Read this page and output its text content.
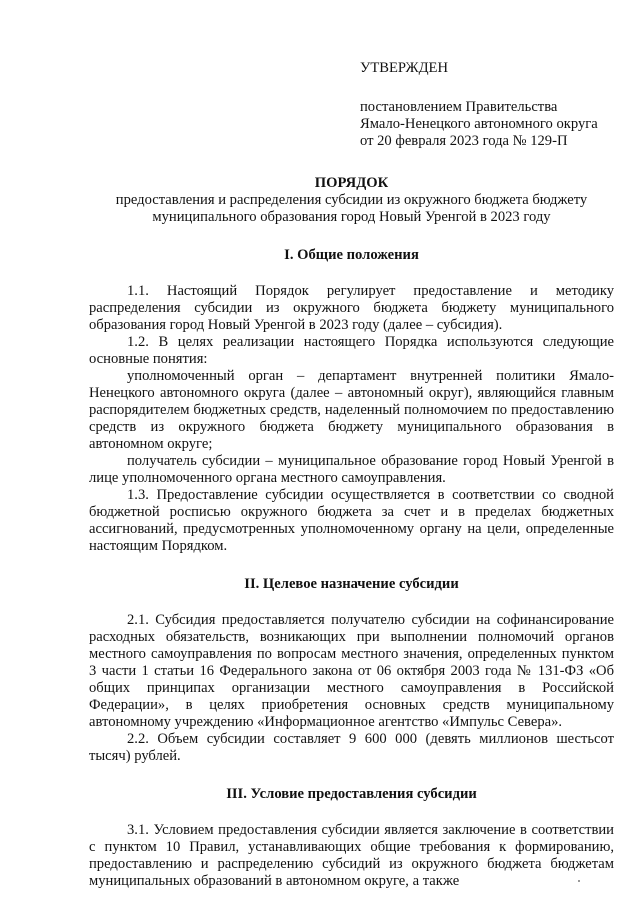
УТВЕРЖДЕН
постановлением Правительства
Ямало-Ненецкого автономного округа
от 20 февраля 2023 года № 129-П
ПОРЯДОК
предоставления и распределения субсидии из окружного бюджета бюджету муниципального образования город Новый Уренгой в 2023 году
I. Общие положения

1.1. Настоящий Порядок регулирует предоставление и методику распределения субсидии из окружного бюджета бюджету муниципального образования город Новый Уренгой в 2023 году (далее – субсидия).

1.2. В целях реализации настоящего Порядка используются следующие основные понятия:

уполномоченный орган – департамент внутренней политики Ямало-Ненецкого автономного округа (далее – автономный округ), являющийся главным распорядителем бюджетных средств, наделенный полномочием по предоставлению средств из окружного бюджета бюджету муниципального образования в автономном округе;

получатель субсидии – муниципальное образование город Новый Уренгой в лице уполномоченного органа местного самоуправления.

1.3. Предоставление субсидии осуществляется в соответствии со сводной бюджетной росписью окружного бюджета за счет и в пределах бюджетных ассигнований, предусмотренных уполномоченному органу на цели, определенные настоящим Порядком.

II. Целевое назначение субсидии

2.1. Субсидия предоставляется получателю субсидии на софинансирование расходных обязательств, возникающих при выполнении полномочий органов местного самоуправления по вопросам местного значения, определенных пунктом 3 части 1 статьи 16 Федерального закона от 06 октября 2003 года № 131-ФЗ «Об общих принципах организации местного самоуправления в Российской Федерации», в целях приобретения основных средств муниципальному автономному учреждению «Информационное агентство «Импульс Севера».

2.2. Объем субсидии составляет 9 600 000 (девять миллионов шестьсот тысяч) рублей.

III. Условие предоставления субсидии

3.1. Условием предоставления субсидии является заключение в соответствии с пунктом 10 Правил, устанавливающих общие требования к формированию, предоставлению и распределению субсидий из окружного бюджета бюджетам муниципальных образований в автономном округе, а также
